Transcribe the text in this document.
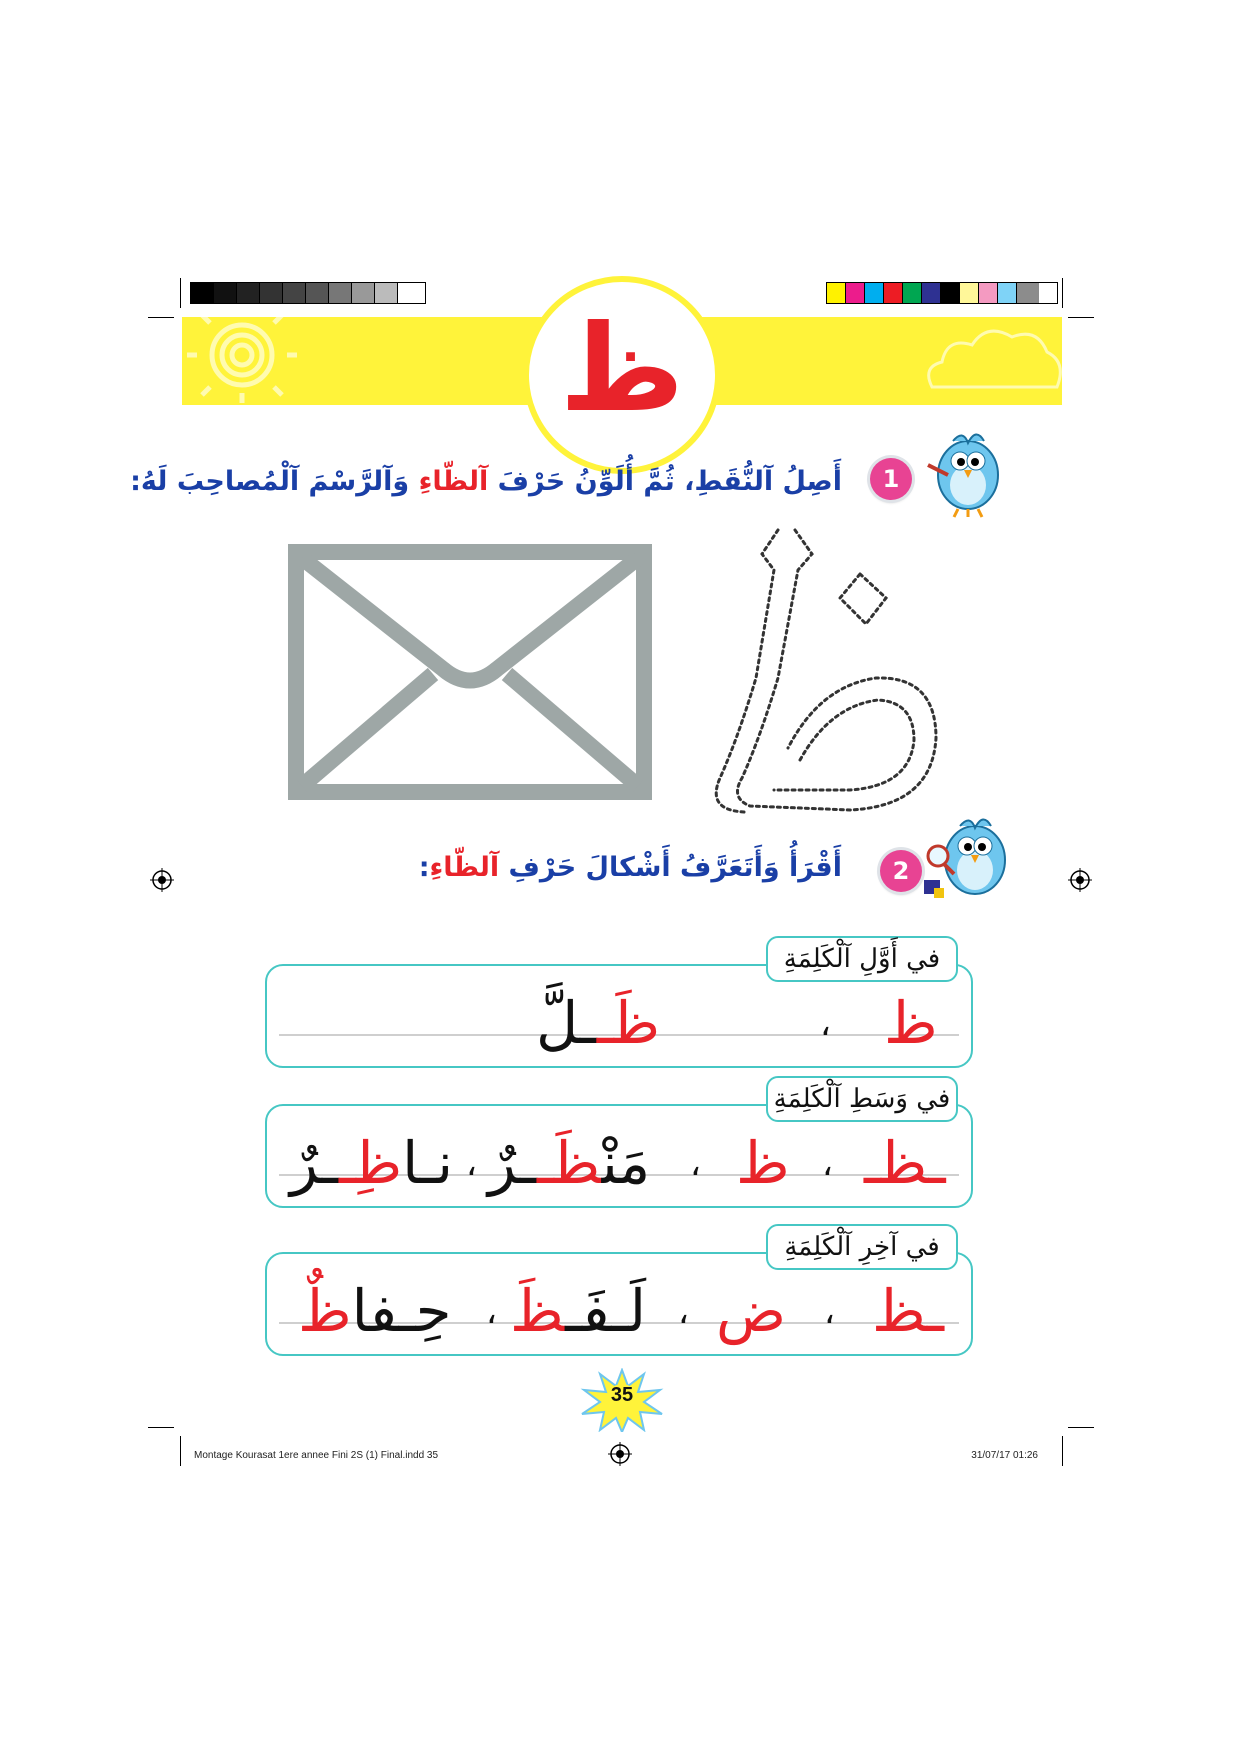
ظ
أَصِلُ آلنُّقَطِ، ثُمَّ أُلَوِّنُ حَرْفَ آلظّاءِ وَآلرَّسْمَ آلْمُصاحِبَ لَهُ:	1
أَقْرَأُ وَأَتَعَرَّفُ أَشْكالَ حَرْفِ آلظّاءِ:	2
في أَوَّلِ آلْكَلِمَةِ
ظ
،
ظَــلَّ
في وَسَطِ آلْكَلِمَةِ
ـظـ
،
ظ
،
مَنْظَــرٌ
،
نـاظِــرٌ
في آخِرِ آلْكَلِمَةِ
ـظ
،
ض
،
لَـفَـظَ
،
حِـفاظٌ
35
Montage Kourasat 1ere annee Fini 2S (1) Final.indd 35	31/07/17 01:26
